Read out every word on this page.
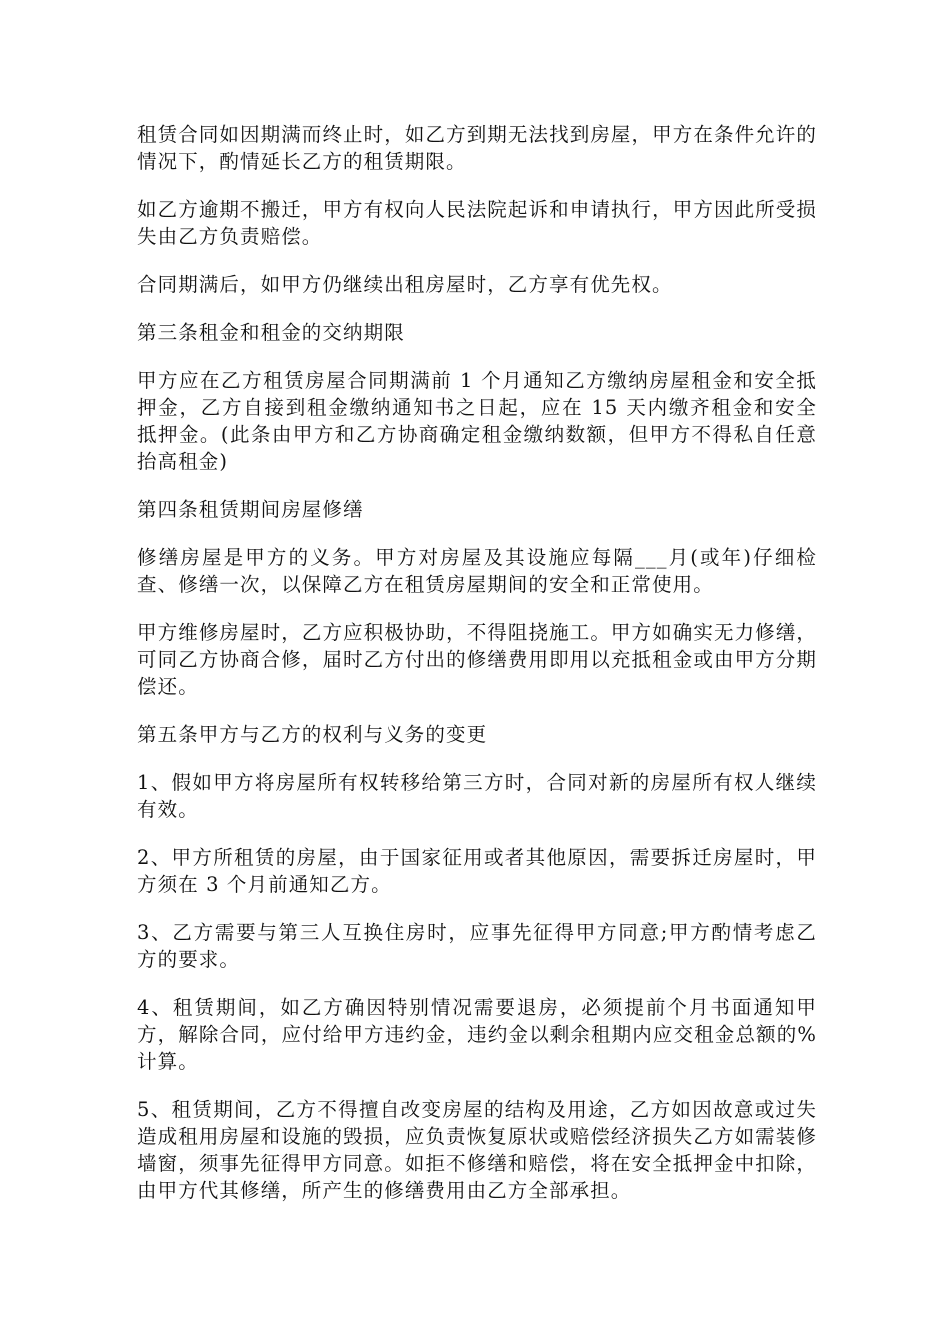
租赁合同如因期满而终止时，如乙方到期无法找到房屋，甲方在条件允许的情况下，酌情延长乙方的租赁期限。

如乙方逾期不搬迁，甲方有权向人民法院起诉和申请执行，甲方因此所受损失由乙方负责赔偿。

合同期满后，如甲方仍继续出租房屋时，乙方享有优先权。

第三条租金和租金的交纳期限

甲方应在乙方租赁房屋合同期满前 1 个月通知乙方缴纳房屋租金和安全抵押金，乙方自接到租金缴纳通知书之日起，应在 15 天内缴齐租金和安全抵押金。(此条由甲方和乙方协商确定租金缴纳数额，但甲方不得私自任意抬高租金)

第四条租赁期间房屋修缮

修缮房屋是甲方的义务。甲方对房屋及其设施应每隔___月(或年)仔细检查、修缮一次，以保障乙方在租赁房屋期间的安全和正常使用。

甲方维修房屋时，乙方应积极协助，不得阻挠施工。甲方如确实无力修缮，可同乙方协商合修，届时乙方付出的修缮费用即用以充抵租金或由甲方分期偿还。

第五条甲方与乙方的权利与义务的变更

1、假如甲方将房屋所有权转移给第三方时，合同对新的房屋所有权人继续有效。

2、甲方所租赁的房屋，由于国家征用或者其他原因，需要拆迁房屋时，甲方须在 3 个月前通知乙方。

3、乙方需要与第三人互换住房时，应事先征得甲方同意;甲方酌情考虑乙方的要求。

4、租赁期间，如乙方确因特别情况需要退房，必须提前个月书面通知甲方，解除合同，应付给甲方违约金，违约金以剩余租期内应交租金总额的%计算。

5、租赁期间，乙方不得擅自改变房屋的结构及用途，乙方如因故意或过失造成租用房屋和设施的毁损，应负责恢复原状或赔偿经济损失乙方如需装修墙窗，须事先征得甲方同意。如拒不修缮和赔偿，将在安全抵押金中扣除，由甲方代其修缮，所产生的修缮费用由乙方全部承担。
